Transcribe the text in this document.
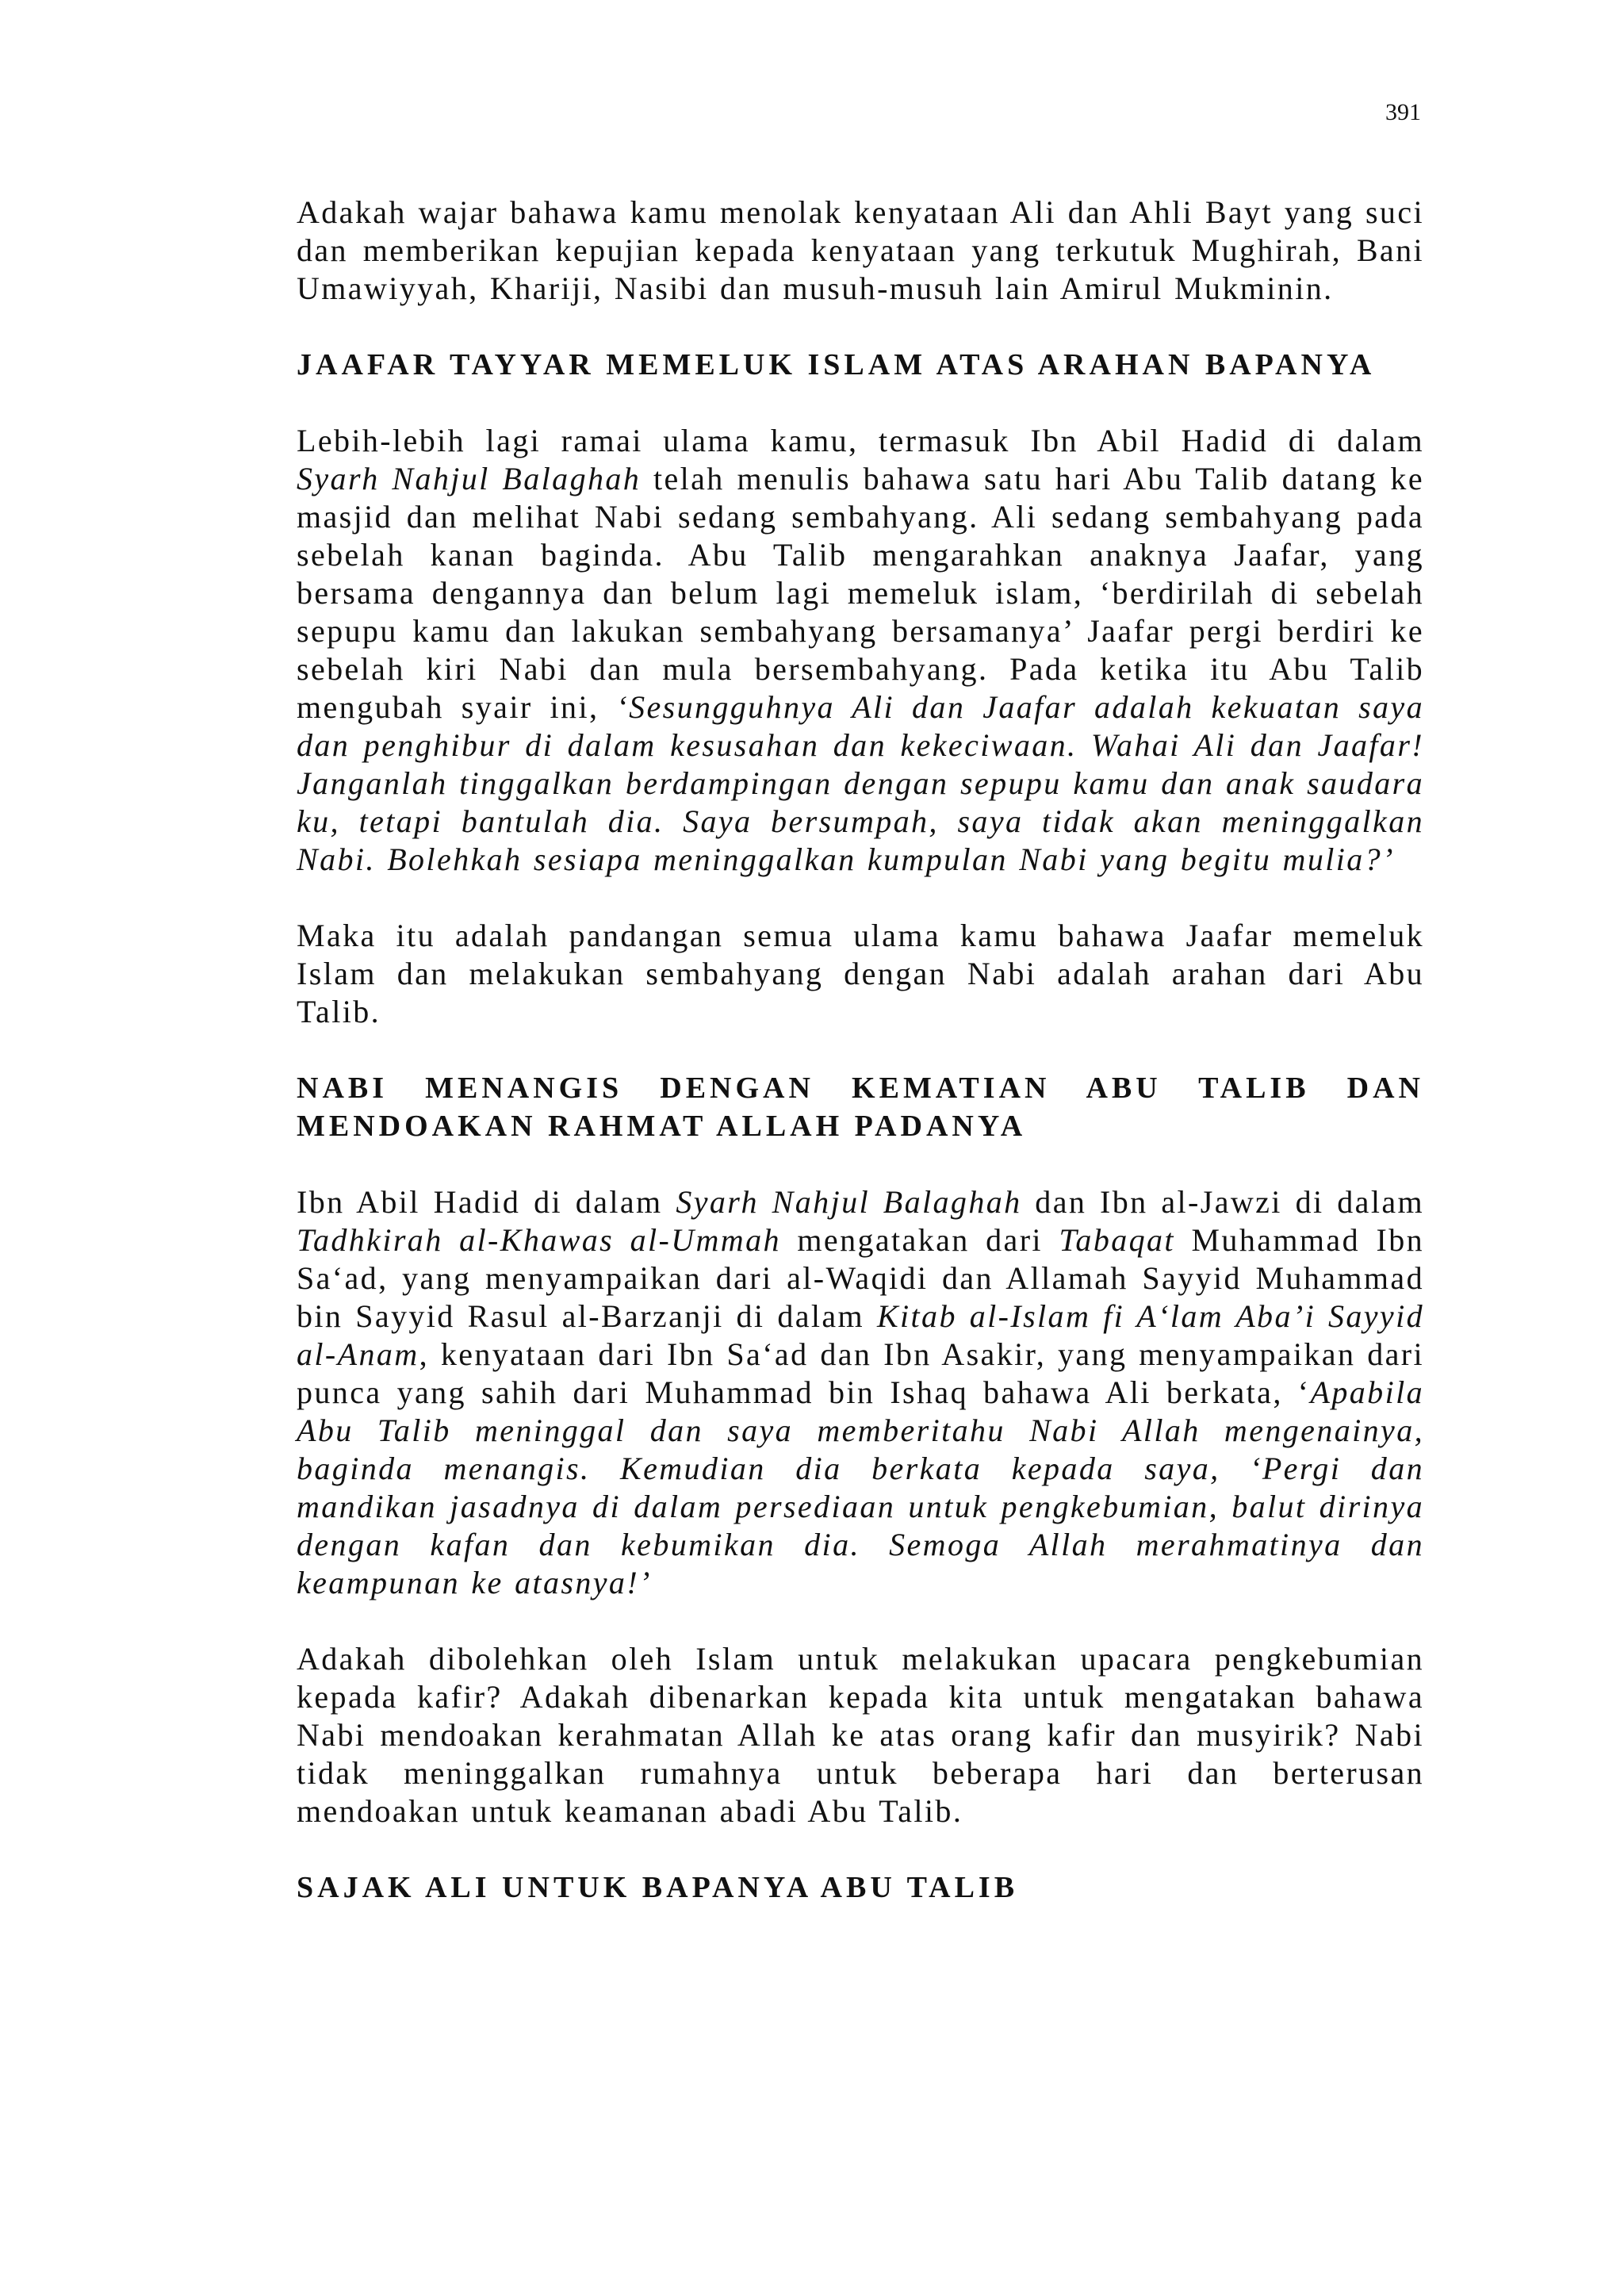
391

Adakah wajar bahawa kamu menolak kenyataan Ali dan Ahli Bayt yang suci dan memberikan kepujian kepada kenyataan yang terkutuk Mughirah, Bani Umawiyyah, Khariji, Nasibi dan musuh-musuh lain Amirul Mukminin.

JAAFAR TAYYAR MEMELUK ISLAM ATAS ARAHAN BAPANYA

Lebih-lebih lagi ramai ulama kamu, termasuk Ibn Abil Hadid di dalam Syarh Nahjul Balaghah telah menulis bahawa satu hari Abu Talib datang ke masjid dan melihat Nabi sedang sembahyang. Ali sedang sembahyang pada sebelah kanan baginda. Abu Talib mengarahkan anaknya Jaafar, yang bersama dengannya dan belum lagi memeluk islam, ‘berdirilah di sebelah sepupu kamu dan lakukan sembahyang bersamanya’ Jaafar pergi berdiri ke sebelah kiri Nabi dan mula bersembahyang. Pada ketika itu Abu Talib mengubah syair ini, ‘Sesungguhnya Ali dan Jaafar adalah kekuatan saya dan penghibur di dalam kesusahan dan kekeciwaan. Wahai Ali dan Jaafar! Janganlah tinggalkan berdampingan dengan sepupu kamu dan anak saudara ku, tetapi bantulah dia. Saya bersumpah, saya tidak akan meninggalkan Nabi. Bolehkah sesiapa meninggalkan kumpulan Nabi yang begitu mulia?’

Maka itu adalah pandangan semua ulama kamu bahawa Jaafar memeluk Islam dan melakukan sembahyang dengan Nabi adalah arahan dari Abu Talib.

NABI MENANGIS DENGAN KEMATIAN ABU TALIB DAN MENDOAKAN RAHMAT ALLAH PADANYA

Ibn Abil Hadid di dalam Syarh Nahjul Balaghah dan Ibn al-Jawzi di dalam Tadhkirah al-Khawas al-Ummah mengatakan dari Tabaqat Muhammad Ibn Sa‘ad, yang menyampaikan dari al-Waqidi dan Allamah Sayyid Muhammad bin Sayyid Rasul al-Barzanji di dalam Kitab al-Islam fi A‘lam Aba’i Sayyid al-Anam, kenyataan dari Ibn Sa‘ad dan Ibn Asakir, yang menyampaikan dari punca yang sahih dari Muhammad bin Ishaq bahawa Ali berkata, ‘Apabila Abu Talib meninggal dan saya memberitahu Nabi Allah mengenainya, baginda menangis. Kemudian dia berkata kepada saya, ‘Pergi dan mandikan jasadnya di dalam persediaan untuk pengkebumian, balut dirinya dengan kafan dan kebumikan dia. Semoga Allah merahmatinya dan keampunan ke atasnya!’

Adakah dibolehkan oleh Islam untuk melakukan upacara pengkebumian kepada kafir? Adakah dibenarkan kepada kita untuk mengatakan bahawa Nabi mendoakan kerahmatan Allah ke atas orang kafir dan musyirik? Nabi tidak meninggalkan rumahnya untuk beberapa hari dan berterusan mendoakan untuk keamanan abadi Abu Talib.

SAJAK ALI UNTUK BAPANYA ABU TALIB
